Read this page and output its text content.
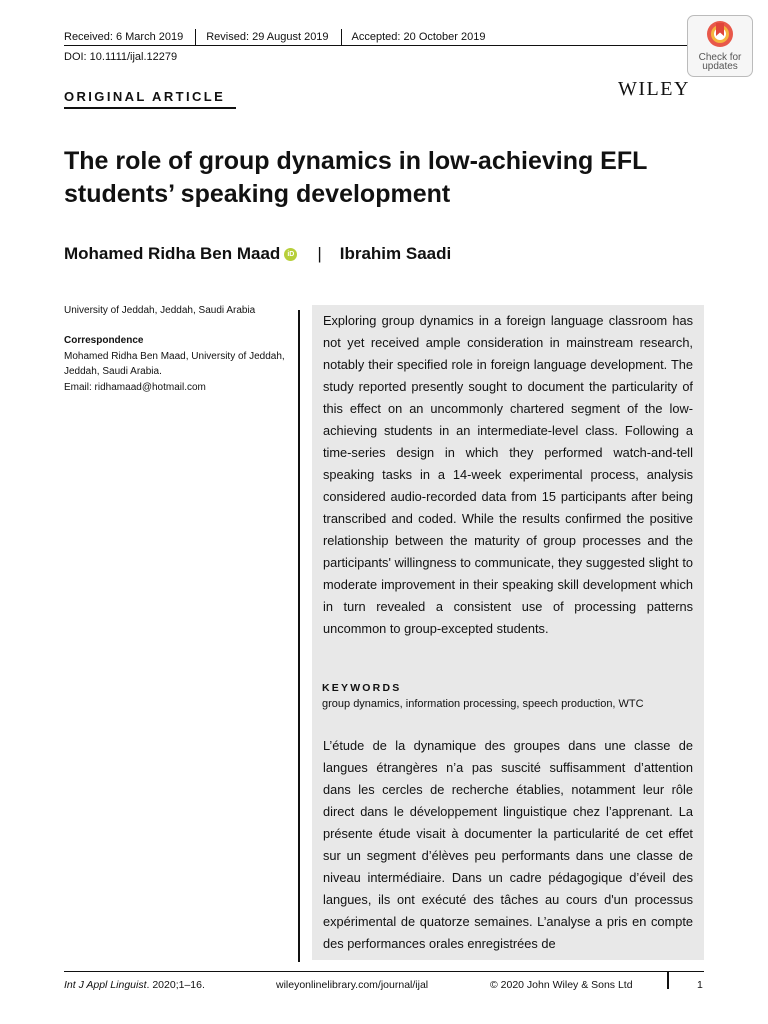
Received: 6 March 2019	Revised: 29 August 2019	Accepted: 20 October 2019
DOI: 10.1111/ijal.12279	Check for
updates
WILEY
ORIGINAL ARTICLE
The role of group dynamics in low-achieving EFL students’ speaking development
Mohamed Ridha Ben Maad	iD | Ibrahim Saadi
University of Jeddah, Jeddah, Saudi Arabia
Correspondence
Mohamed Ridha Ben Maad, University of Jeddah, Jeddah, Saudi Arabia.
Email: ridhamaad@hotmail.com

Exploring group dynamics in a foreign language classroom has not yet received ample consideration in mainstream research, notably their specified role in foreign language development. The study reported presently sought to document the particularity of this effect on an uncommonly chartered segment of the low-achieving students in an intermediate-level class. Following a time-series design in which they performed watch-and-tell speaking tasks in a 14-week experimental process, analysis considered audio-recorded data from 15 participants after being transcribed and coded. While the results confirmed the positive relationship between the maturity of group processes and the participants' willingness to communicate, they suggested slight to moderate improvement in their speaking skill development which in turn revealed a consistent use of processing patterns uncommon to group-excepted students.

KEYWORDS
group dynamics, information processing, speech production, WTC

L’étude de la dynamique des groupes dans une classe de langues étrangères n’a pas suscité suffisamment d’attention dans les cercles de recherche établies, notamment leur rôle direct dans le développement linguistique chez l’apprenant. La présente étude visait à documenter la particularité de cet effet sur un segment d’élèves peu performants dans une classe de niveau intermédiaire. Dans un cadre pédagogique d’éveil des langues, ils ont exécuté des tâches au cours d'un processus expérimental de quatorze semaines. L’analyse a pris en compte des performances orales enregistrées de

Int J Appl Linguist. 2020;1–16.	wileyonlinelibrary.com/journal/ijal	© 2020 John Wiley & Sons Ltd	1
